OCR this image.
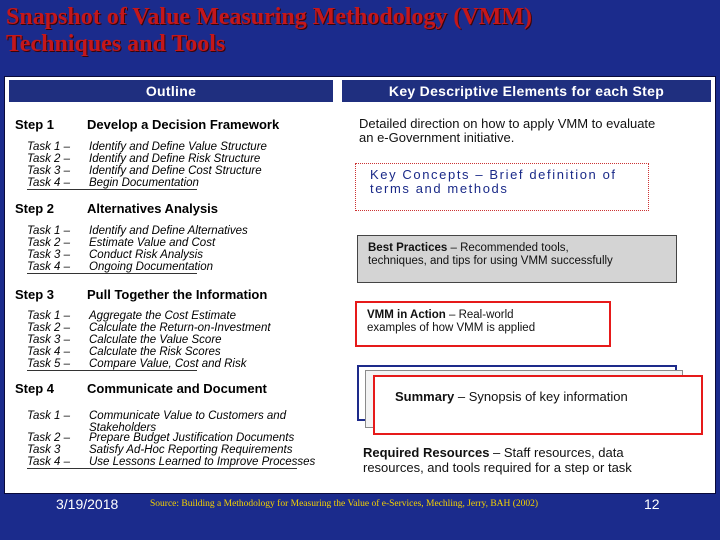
Snapshot of Value Measuring Methodology (VMM)
Techniques and Tools
Outline	Key Descriptive Elements for each Step
Step 1	Develop a Decision Framework
Task 1 – Identify and Define Value Structure
Task 2 – Identify and Define Risk Structure
Task 3 – Identify and Define Cost Structure
Task 4 – Begin Documentation
Step 2	Alternatives Analysis
Task 1 – Identify and Define Alternatives
Task 2 – Estimate Value and Cost
Task 3 – Conduct Risk Analysis
Task 4 – Ongoing Documentation
Step 3	Pull Together the Information
Task 1 – Aggregate the Cost Estimate
Task 2 – Calculate the Return-on-Investment
Task 3 – Calculate the Value Score
Task 4 – Calculate the Risk Scores
Task 5 – Compare Value, Cost and Risk
Step 4	Communicate and Document
Task 1 – Communicate Value to Customers and
Stakeholders
Task 2 – Prepare Budget Justification Documents
Task 3 Satisfy Ad-Hoc Reporting Requirements
Task 4 – Use Lessons Learned to Improve Processes
Detailed direction on how to apply VMM to evaluate
an e-Government initiative.
Key Concepts – Brief definition of
terms and methods
Best Practices – Recommended tools,
techniques, and tips for using VMM successfully
VMM in Action – Real-world
examples of how VMM is applied
Summary – Synopsis of key information
Required Resources – Staff resources, data
resources, and tools required for a step or task
3/19/2018	Source: Building a Methodology for Measuring the Value of e-Services, Mechling, Jerry, BAH (2002)	12
